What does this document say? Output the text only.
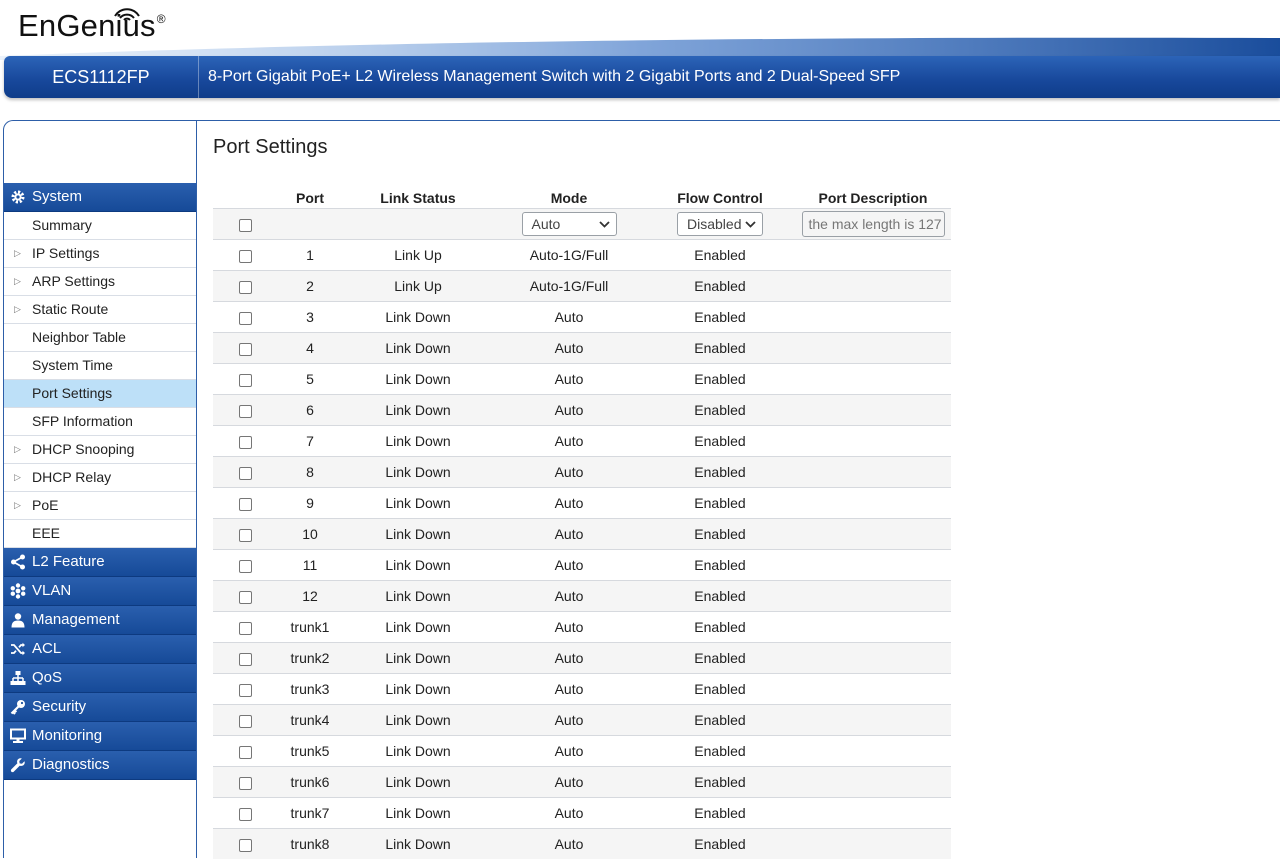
EnGenius®
ECS1112FP	8-Port Gigabit PoE+ L2 Wireless Management Switch with 2 Gigabit Ports and 2 Dual-Speed SFP
System
Summary
▷ IP Settings
▷ ARP Settings
▷ Static Route
Neighbor Table
System Time
Port Settings
SFP Information
▷ DHCP Snooping
▷ DHCP Relay
▷ PoE
EEE
L2 Feature
VLAN
Management
ACL
QoS
Security
Monitoring
Diagnostics
Port Settings
	Port	Link Status	Mode	Flow Control	Port Description

			Auto	Disabled	the max length is 127
	1	Link Up	Auto-1G/Full	Enabled	
	2	Link Up	Auto-1G/Full	Enabled	
	3	Link Down	Auto	Enabled	
	4	Link Down	Auto	Enabled	
	5	Link Down	Auto	Enabled	
	6	Link Down	Auto	Enabled	
	7	Link Down	Auto	Enabled	
	8	Link Down	Auto	Enabled	
	9	Link Down	Auto	Enabled	
	10	Link Down	Auto	Enabled	
	11	Link Down	Auto	Enabled	
	12	Link Down	Auto	Enabled	
	trunk1	Link Down	Auto	Enabled	
	trunk2	Link Down	Auto	Enabled	
	trunk3	Link Down	Auto	Enabled	
	trunk4	Link Down	Auto	Enabled	
	trunk5	Link Down	Auto	Enabled	
	trunk6	Link Down	Auto	Enabled	
	trunk7	Link Down	Auto	Enabled	
	trunk8	Link Down	Auto	Enabled	
